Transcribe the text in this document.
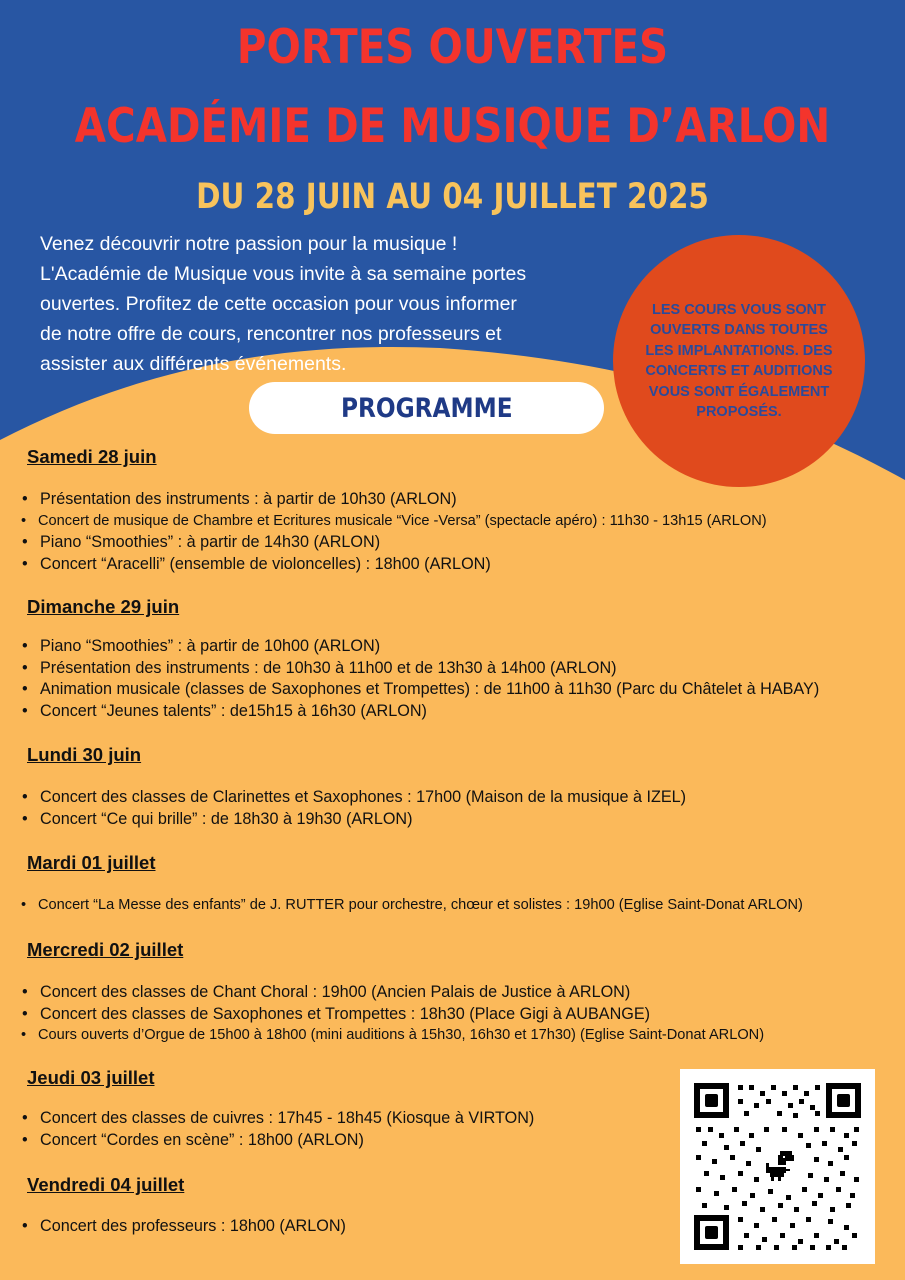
PORTES OUVERTES
ACADÉMIE DE MUSIQUE D’ARLON
DU 28 JUIN AU 04 JUILLET 2025

Venez découvrir notre passion pour la musique ! L'Académie de Musique vous invite à sa semaine portes ouvertes. Profitez de cette occasion pour vous informer de notre offre de cours, rencontrer nos professeurs et assister aux différents événements.

LES COURS VOUS SONT OUVERTS DANS TOUTES LES IMPLANTATIONS. DES CONCERTS ET AUDITIONS VOUS SONT ÉGALEMENT PROPOSÉS.

PROGRAMME

Samedi 28 juin

• Présentation des instruments : à partir de 10h30 (ARLON)
• Concert de musique de Chambre et Ecritures musicale “Vice -Versa” (spectacle apéro) : 11h30 - 13h15 (ARLON)
• Piano “Smoothies” : à partir de 14h30 (ARLON)
• Concert “Aracelli” (ensemble de violoncelles) : 18h00 (ARLON)

Dimanche 29 juin

• Piano “Smoothies” : à partir de 10h00 (ARLON)
• Présentation des instruments : de 10h30 à 11h00 et de 13h30 à 14h00 (ARLON)
• Animation musicale (classes de Saxophones et Trompettes) : de 11h00 à 11h30 (Parc du Châtelet à HABAY)
• Concert “Jeunes talents” : de15h15 à 16h30 (ARLON)

Lundi 30 juin

• Concert des classes de Clarinettes et Saxophones : 17h00 (Maison de la musique à IZEL)
• Concert “Ce qui brille” : de 18h30 à 19h30 (ARLON)

Mardi 01 juillet

• Concert “La Messe des enfants” de J. RUTTER pour orchestre, chœur et solistes : 19h00 (Eglise Saint-Donat ARLON)

Mercredi 02 juillet

• Concert des classes de Chant Choral : 19h00 (Ancien Palais de Justice à ARLON)
• Concert des classes de Saxophones et Trompettes : 18h30 (Place Gigi à AUBANGE)
• Cours ouverts d’Orgue de 15h00 à 18h00 (mini auditions à 15h30, 16h30 et 17h30) (Eglise Saint-Donat ARLON)

Jeudi 03 juillet

• Concert des classes de cuivres : 17h45 - 18h45 (Kiosque à VIRTON)
• Concert “Cordes en scène” : 18h00 (ARLON)

Vendredi 04 juillet

• Concert des professeurs : 18h00 (ARLON)
